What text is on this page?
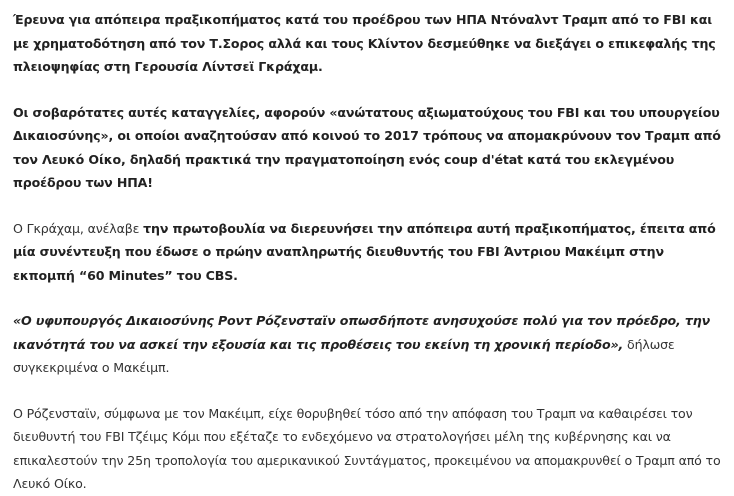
Έρευνα για απόπειρα πραξικοπήματος κατά του προέδρου των ΗΠΑ Ντόναλντ Τραμπ από το FBI και με χρηματοδότηση από τον Τ.Σορος αλλά και τους Κλίντον δεσμεύθηκε να διεξάγει ο επικεφαλής της πλειοψηφίας στη Γερουσία Λίντσεϊ Γκράχαμ.

Οι σοβαρότατες αυτές καταγγελίες, αφορούν «ανώτατους αξιωματούχους του FBI και του υπουργείου Δικαιοσύνης», οι οποίοι αναζητούσαν από κοινού το 2017 τρόπους να απομακρύνουν τον Τραμπ από τον Λευκό Οίκο, δηλαδή πρακτικά την πραγματοποίηση ενός coup d'état κατά του εκλεγμένου προέδρου των ΗΠΑ!

Ο Γκράχαμ, ανέλαβε την πρωτοβουλία να διερευνήσει την απόπειρα αυτή πραξικοπήματος, έπειτα από μία συνέντευξη που έδωσε ο πρώην αναπληρωτής διευθυντής του FBI Άντριου Μακέιμπ στην εκπομπή “60 Minutes” του CBS.

«Ο υφυπουργός Δικαιοσύνης Ροντ Ρόζενσταϊν οπωσδήποτε ανησυχούσε πολύ για τον πρόεδρο, την ικανότητά του να ασκεί την εξουσία και τις προθέσεις του εκείνη τη χρονική περίοδο», δήλωσε συγκεκριμένα ο Μακέιμπ.

Ο Ρόζενσταϊν, σύμφωνα με τον Μακέιμπ, είχε θορυβηθεί τόσο από την απόφαση του Τραμπ να καθαιρέσει τον διευθυντή του FBI Τζέιμς Κόμι που εξέταζε το ενδεχόμενο να στρατολογήσει μέλη της κυβέρνησης και να επικαλεστούν την 25η τροπολογία του αμερικανικού Συντάγματος, προκειμένου να απομακρυνθεί ο Τραμπ από το Λευκό Οίκο.
